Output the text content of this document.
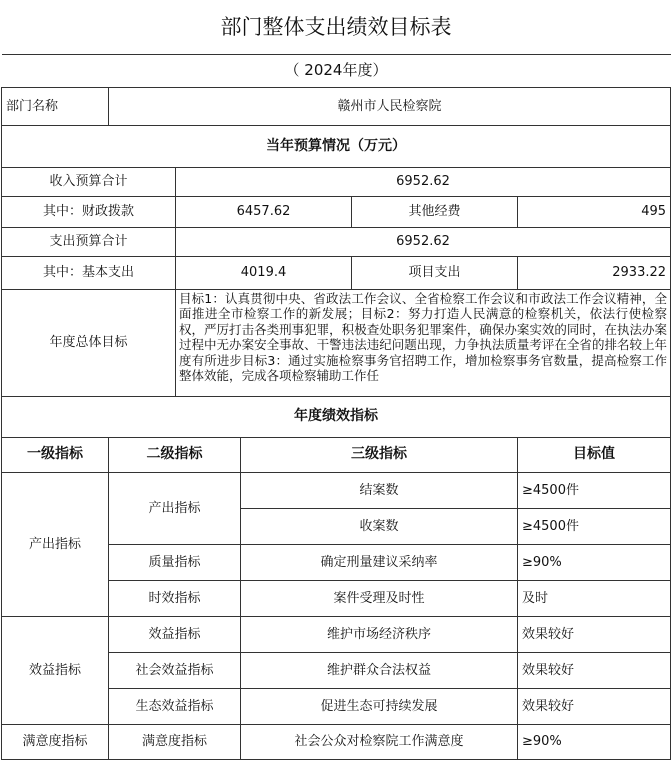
部门整体支出绩效目标表					
（ 2024年度）					
部门名称	赣州市人民检察院				
当年预算情况（万元）					
收入预算合计		6952.62			
其中：财政拨款		6457.62		其他经费	495
支出预算合计		6952.62			
其中：基本支出		4019.4		项目支出	2933.22
年度总体目标		目标1：认真贯彻中央、省政法工作会议、全省检察工作会议和市政法工作会议精神，全面推进全市检察工作的新发展；目标2：努力打造人民满意的检察机关，依法行使检察权，严厉打击各类刑事犯罪，积极查处职务犯罪案件，确保办案实效的同时，在执法办案过程中无办案安全事故、干警违法违纪问题出现，力争执法质量考评在全省的排名较上年度有所进步目标3：通过实施检察事务官招聘工作，增加检察事务官数量，提高检察工作整体效能，完成各项检察辅助工作任			

年度绩效指标					
一级指标	二级指标		三级指标		目标值
产出指标	产出指标		结案数		≥4500件
			收案数		≥4500件
	质量指标		确定刑量建议采纳率		≥90%
	时效指标		案件受理及时性		及时
效益指标	效益指标		维护市场经济秩序		效果较好
	社会效益指标		维护群众合法权益		效果较好
	生态效益指标		促进生态可持续发展		效果较好
满意度指标	满意度指标		社会公众对检察院工作满意度		≥90%
